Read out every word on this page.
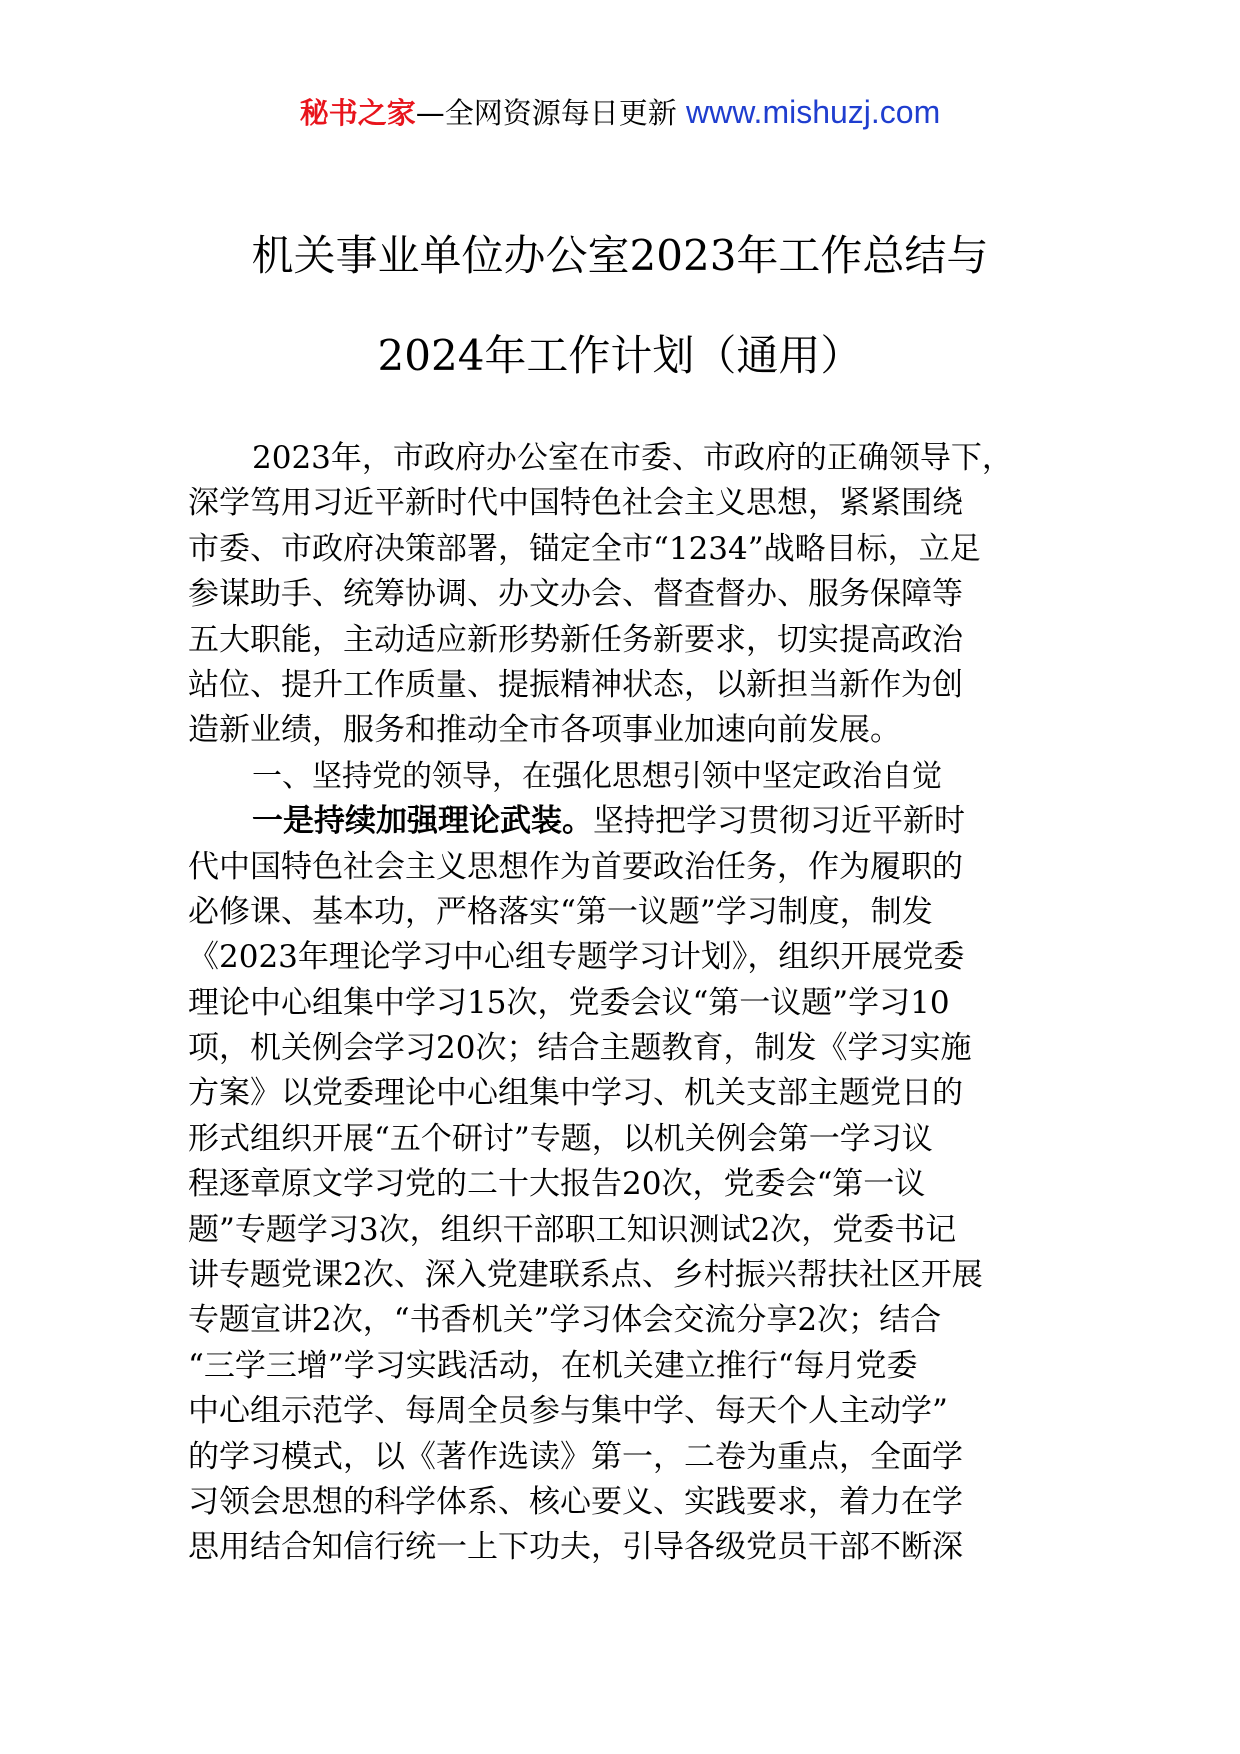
秘书之家—全网资源每日更新 www.mishuzj.com
机关事业单位办公室2023年工作总结与
2024年工作计划（通用）
2023年，市政府办公室在市委、市政府的正确领导下，
深学笃用习近平新时代中国特色社会主义思想，紧紧围绕
市委、市政府决策部署，锚定全市“1234”战略目标，立足
参谋助手、统筹协调、办文办会、督查督办、服务保障等
五大职能，主动适应新形势新任务新要求，切实提高政治
站位、提升工作质量、提振精神状态，以新担当新作为创
造新业绩，服务和推动全市各项事业加速向前发展。
一、坚持党的领导，在强化思想引领中坚定政治自觉
一是持续加强理论武装。坚持把学习贯彻习近平新时
代中国特色社会主义思想作为首要政治任务，作为履职的
必修课、基本功，严格落实“第一议题”学习制度，制发
《2023年理论学习中心组专题学习计划》，组织开展党委
理论中心组集中学习15次，党委会议“第一议题”学习10
项，机关例会学习20次；结合主题教育，制发《学习实施
方案》以党委理论中心组集中学习、机关支部主题党日的
形式组织开展“五个研讨”专题，以机关例会第一学习议
程逐章原文学习党的二十大报告20次，党委会“第一议
题”专题学习3次，组织干部职工知识测试2次，党委书记
讲专题党课2次、深入党建联系点、乡村振兴帮扶社区开展
专题宣讲2次，“书香机关”学习体会交流分享2次；结合
“三学三增”学习实践活动，在机关建立推行“每月党委
中心组示范学、每周全员参与集中学、每天个人主动学”
的学习模式，以《著作选读》第一，二卷为重点，全面学
习领会思想的科学体系、核心要义、实践要求，着力在学
思用结合知信行统一上下功夫，引导各级党员干部不断深
